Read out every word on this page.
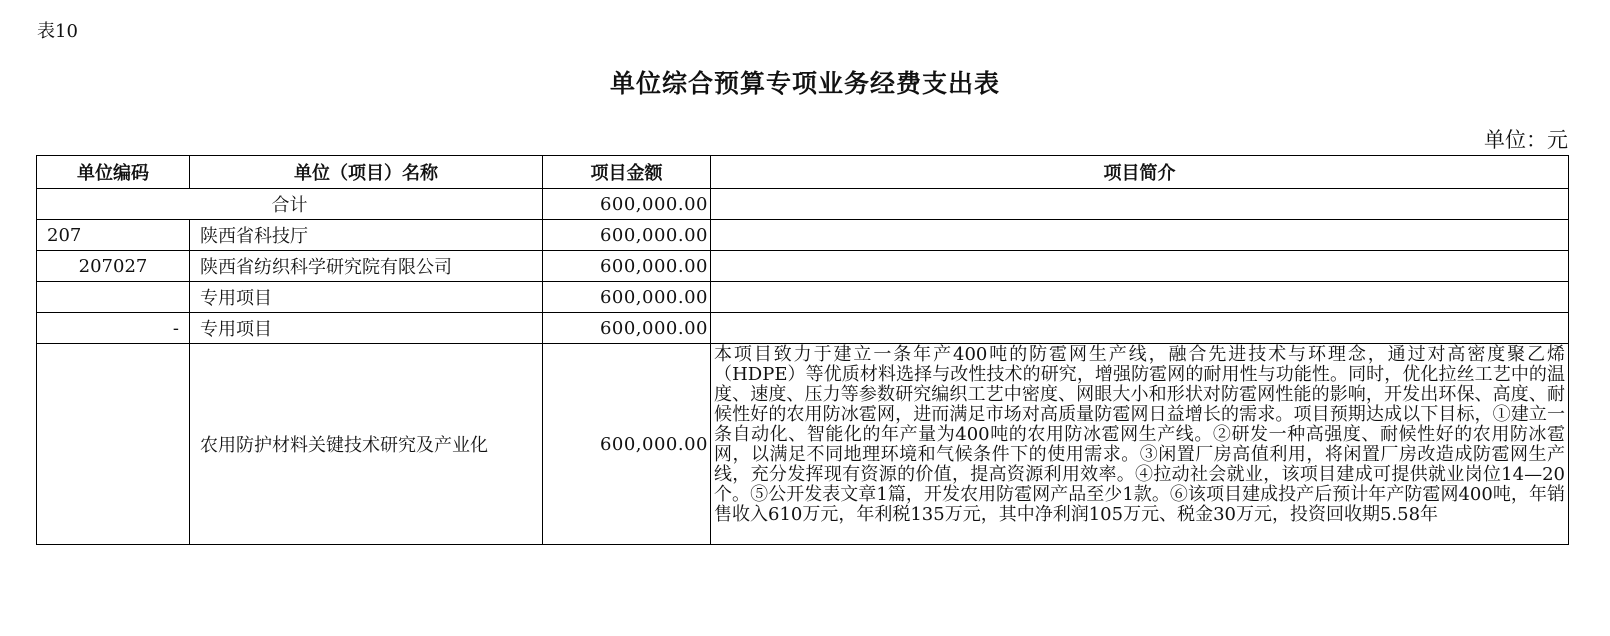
表10
单位综合预算专项业务经费支出表
单位：元
单位编码	单位（项目）名称	项目金额	项目简介
合计		600,000.00	
207	陕西省科技厅	600,000.00	
207027	陕西省纺织科学研究院有限公司	600,000.00	
	专用项目	600,000.00	
-	专用项目	600,000.00	
	农用防护材料关键技术研究及产业化	600,000.00	本项目致力于建立一条年产400吨的防雹网生产线，融合先进技术与环理念，通过对高密度聚乙烯（HDPE）等优质材料选择与改性技术的研究，增强防雹网的耐用性与功能性。同时，优化拉丝工艺中的温度、速度、压力等参数研究编织工艺中密度、网眼大小和形状对防雹网性能的影响，开发出环保、高度、耐候性好的农用防冰雹网，进而满足市场对高质量防雹网日益增长的需求。项目预期达成以下目标，①建立一条自动化、智能化的年产量为400吨的农用防冰雹网生产线。②研发一种高强度、耐候性好的农用防冰雹网，以满足不同地理环境和气候条件下的使用需求。③闲置厂房高值利用，将闲置厂房改造成防雹网生产线，充分发挥现有资源的价值，提高资源利用效率。④拉动社会就业，该项目建成可提供就业岗位14—20个。⑤公开发表文章1篇，开发农用防雹网产品至少1款。⑥该项目建成投产后预计年产防雹网400吨，年销售收入610万元，年利税135万元，其中净利润105万元、税金30万元，投资回收期5.58年
